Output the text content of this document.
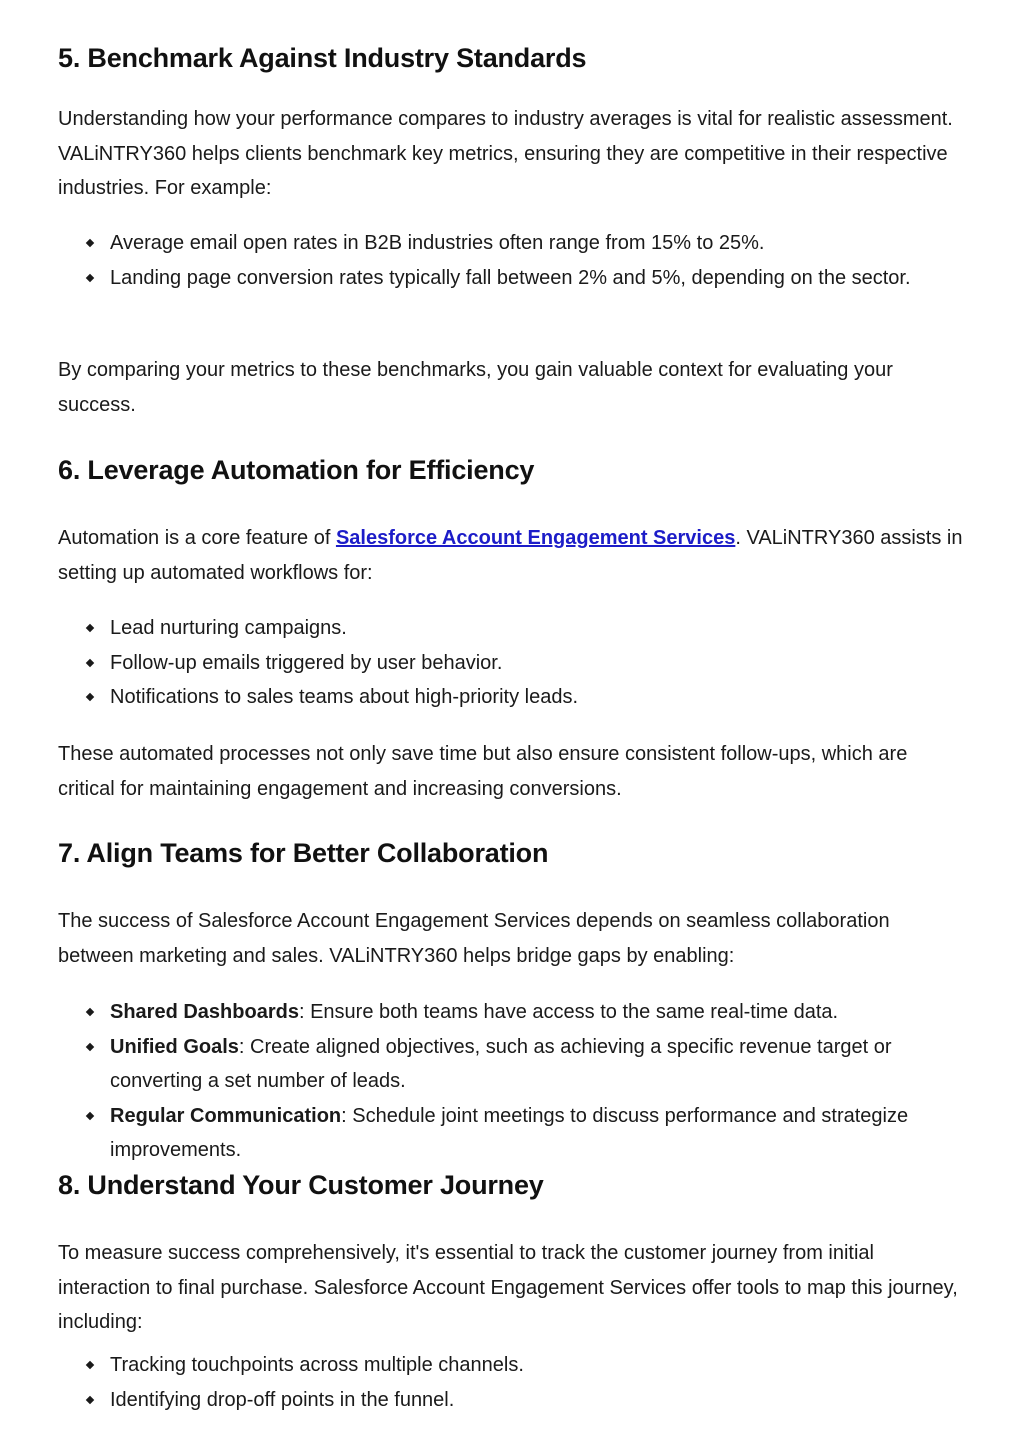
5. Benchmark Against Industry Standards

Understanding how your performance compares to industry averages is vital for realistic assessment. VALiNTRY360 helps clients benchmark key metrics, ensuring they are competitive in their respective industries. For example:

Average email open rates in B2B industries often range from 15% to 25%.
Landing page conversion rates typically fall between 2% and 5%, depending on the sector.

By comparing your metrics to these benchmarks, you gain valuable context for evaluating your success.

6. Leverage Automation for Efficiency

Automation is a core feature of Salesforce Account Engagement Services. VALiNTRY360 assists in setting up automated workflows for:

Lead nurturing campaigns.
Follow-up emails triggered by user behavior.
Notifications to sales teams about high-priority leads.

These automated processes not only save time but also ensure consistent follow-ups, which are critical for maintaining engagement and increasing conversions.

7. Align Teams for Better Collaboration

The success of Salesforce Account Engagement Services depends on seamless collaboration between marketing and sales. VALiNTRY360 helps bridge gaps by enabling:

Shared Dashboards: Ensure both teams have access to the same real-time data.
Unified Goals: Create aligned objectives, such as achieving a specific revenue target or converting a set number of leads.
Regular Communication: Schedule joint meetings to discuss performance and strategize improvements.
8. Understand Your Customer Journey

To measure success comprehensively, it's essential to track the customer journey from initial interaction to final purchase. Salesforce Account Engagement Services offer tools to map this journey, including:

Tracking touchpoints across multiple channels.
Identifying drop-off points in the funnel.
